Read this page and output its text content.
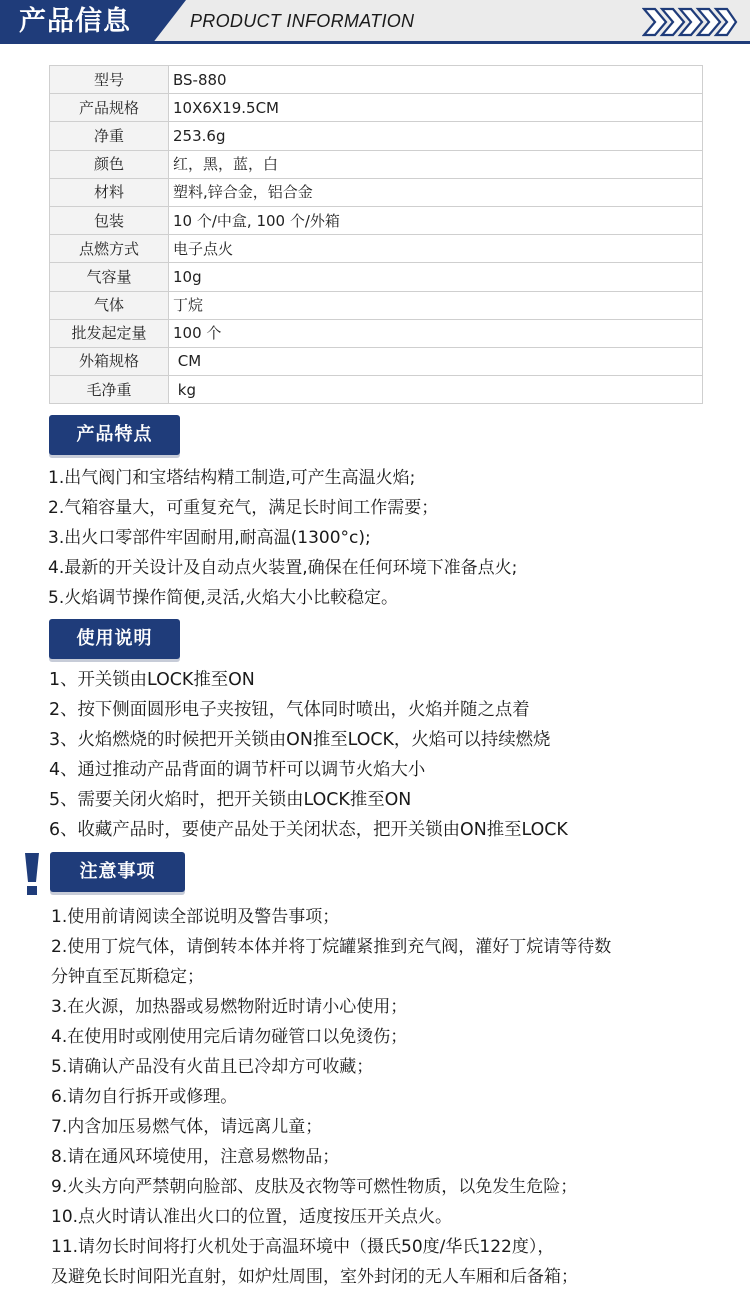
产品信息	PRODUCT INFORMATION
型号	BS-880
产品规格	10X6X19.5CM
净重	253.6g
颜色	红，黑，蓝，白
材料	塑料,锌合金，铝合金
包装	10 个/中盒, 100 个/外箱
点燃方式	电子点火
气容量	10g
气体	丁烷
批发起定量	100 个
外箱规格	CM
毛净重	kg
产品特点
1.出气阀门和宝塔结构精工制造,可产生高温火焰;
2.气箱容量大，可重复充气，满足长时间工作需要；
3.出火口零部件牢固耐用,耐高温(1300°c);
4.最新的开关设计及自动点火装置,确保在任何环境下准备点火;
5.火焰调节操作简便,灵活,火焰大小比較稳定。
使用说明
1、开关锁由LOCK推至ON
2、按下侧面圆形电子夹按钮，气体同时喷出，火焰并随之点着
3、火焰燃烧的时候把开关锁由ON推至LOCK，火焰可以持续燃烧
4、通过推动产品背面的调节杆可以调节火焰大小
5、需要关闭火焰时，把开关锁由LOCK推至ON
6、收藏产品时，要使产品处于关闭状态，把开关锁由ON推至LOCK
注意事项
1.使用前请阅读全部说明及警告事项；
2.使用丁烷气体，请倒转本体并将丁烷罐紧推到充气阀，灌好丁烷请等待数
分钟直至瓦斯稳定；
3.在火源，加热器或易燃物附近时请小心使用；
4.在使用时或刚使用完后请勿碰管口以免烫伤；
5.请确认产品没有火苗且已冷却方可收藏；
6.请勿自行拆开或修理。
7.内含加压易燃气体，请远离儿童；
8.请在通风环境使用，注意易燃物品；
9.火头方向严禁朝向脸部、皮肤及衣物等可燃性物质，以免发生危险；
10.点火时请认准出火口的位置，适度按压开关点火。
11.请勿长时间将打火机处于高温环境中（摄氏50度/华氏122度），
及避免长时间阳光直射，如炉灶周围，室外封闭的无人车厢和后备箱；
